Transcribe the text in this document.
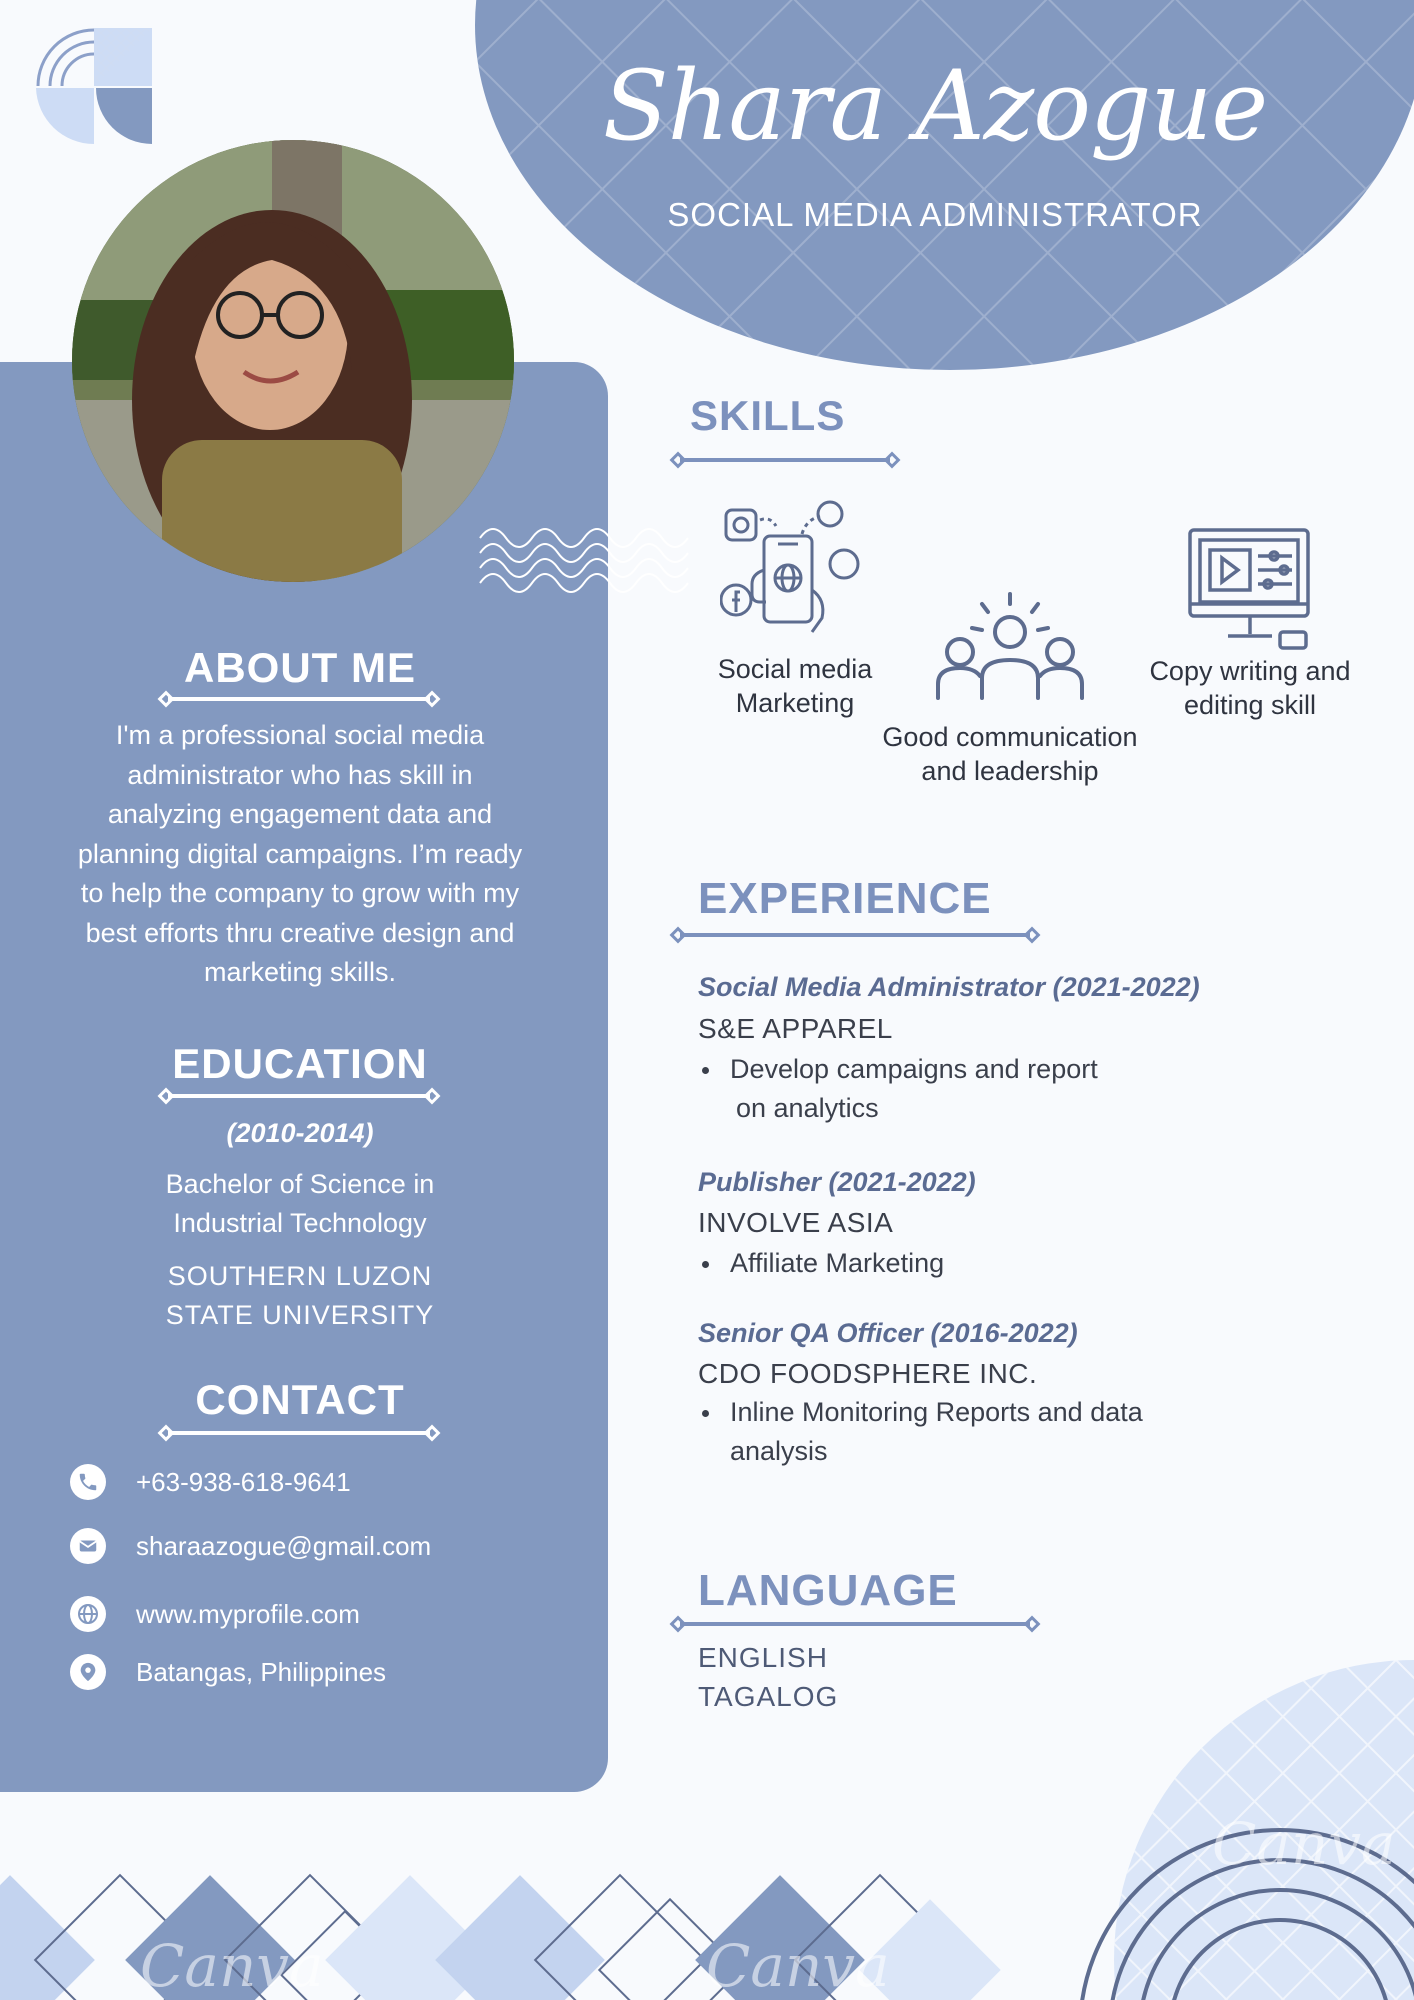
Shara Azogue
SOCIAL MEDIA ADMINISTRATOR
ABOUT ME
I'm a professional social media
administrator who has skill in
analyzing engagement data and
planning digital campaigns. I’m ready
to help the company to grow with my
best efforts thru creative design and
marketing skills.
EDUCATION
(2010-2014)
Bachelor of Science in
Industrial Technology
SOUTHERN LUZON
STATE UNIVERSITY
CONTACT
+63-938-618-9641
sharaazogue@gmail.com
www.myprofile.com
Batangas, Philippines
SKILLS
Social media
Marketing
Good communication
and leadership
Copy writing and
editing skill
EXPERIENCE
Social Media Administrator (2021-2022)
S&E APPAREL
Develop campaigns and report
on analytics
Publisher (2021-2022)
INVOLVE ASIA
Affiliate Marketing
Senior QA Officer (2016-2022)
CDO FOODSPHERE INC.
Inline Monitoring Reports and data
analysis
LANGUAGE
ENGLISH
TAGALOG
Canva	Canva
Canva
